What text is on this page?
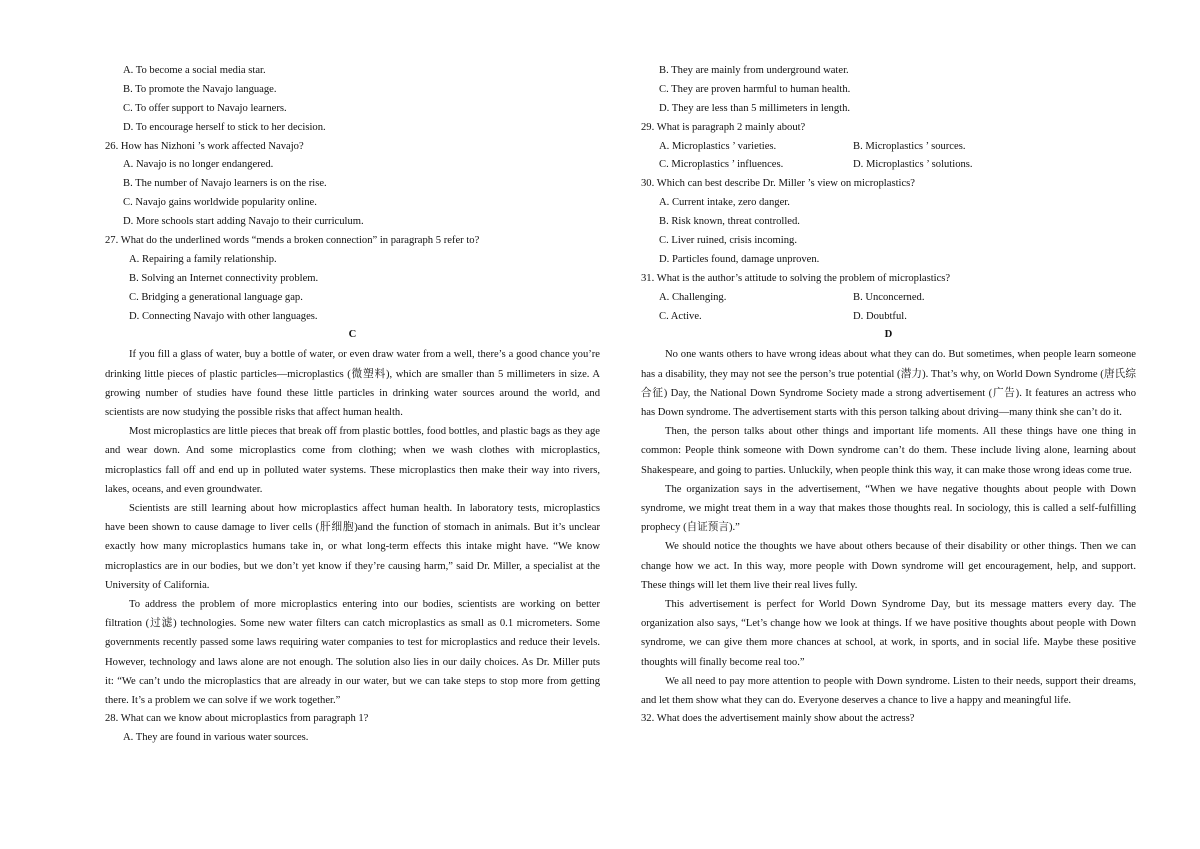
A. To become a social media star.
B. To promote the Navajo language.
C. To offer support to Navajo learners.
D. To encourage herself to stick to her decision.
26. How has Nizhoni ’s work affected Navajo?
A. Navajo is no longer endangered.
B. The number of Navajo learners is on the rise.
C. Navajo gains worldwide popularity online.
D. More schools start adding Navajo to their curriculum.
27. What do the underlined words “mends a broken connection” in paragraph 5 refer to?
A. Repairing a family relationship.
B. Solving an Internet connectivity problem.
C. Bridging a generational language gap.
D. Connecting Navajo with other languages.
C

If you fill a glass of water, buy a bottle of water, or even draw water from a well, there’s a good chance you’re drinking little pieces of plastic particles—microplastics (微塑料), which are smaller than 5 millimeters in size. A growing number of studies have found these little particles in drinking water sources around the world, and scientists are now studying the possible risks that affect human health.

Most microplastics are little pieces that break off from plastic bottles, food bottles, and plastic bags as they age and wear down. And some microplastics come from clothing; when we wash clothes with microplastics, microplastics fall off and end up in polluted water systems. These microplastics then make their way into rivers, lakes, oceans, and even groundwater.

Scientists are still learning about how microplastics affect human health. In laboratory tests, microplastics have been shown to cause damage to liver cells (肝细胞)and the function of stomach in animals. But it’s unclear exactly how many microplastics humans take in, or what long-term effects this intake might have. “We know microplastics are in our bodies, but we don’t yet know if they’re causing harm,” said Dr. Miller, a specialist at the University of California.

To address the problem of more microplastics entering into our bodies, scientists are working on better filtration (过滤) technologies. Some new water filters can catch microplastics as small as 0.1 micrometers. Some governments recently passed some laws requiring water companies to test for microplastics and reduce their levels. However, technology and laws alone are not enough. The solution also lies in our daily choices. As Dr. Miller puts it: “We can’t undo the microplastics that are already in our water, but we can take steps to stop more from getting there. It’s a problem we can solve if we work together.”

28. What can we know about microplastics from paragraph 1?
A. They are found in various water sources.
B. They are mainly from underground water.
C. They are proven harmful to human health.
D. They are less than 5 millimeters in length.
29. What is paragraph 2 mainly about?
A. Microplastics ’ varieties.	B. Microplastics ’ sources.
C. Microplastics ’ influences.	D. Microplastics ’ solutions.
30. Which can best describe Dr. Miller ’s view on microplastics?
A. Current intake, zero danger.
B. Risk known, threat controlled.
C. Liver ruined, crisis incoming.
D. Particles found, damage unproven.
31. What is the author’s attitude to solving the problem of microplastics?
A. Challenging.	B. Unconcerned.
C. Active.	D. Doubtful.
D

No one wants others to have wrong ideas about what they can do. But sometimes, when people learn someone has a disability, they may not see the person’s true potential (潜力). That’s why, on World Down Syndrome (唐氏综合征) Day, the National Down Syndrome Society made a strong advertisement (广告). It features an actress who has Down syndrome. The advertisement starts with this person talking about driving—many think she can’t do it.

Then, the person talks about other things and important life moments. All these things have one thing in common: People think someone with Down syndrome can’t do them. These include living alone, learning about Shakespeare, and going to parties. Unluckily, when people think this way, it can make those wrong ideas come true.

The organization says in the advertisement, “When we have negative thoughts about people with Down syndrome, we might treat them in a way that makes those thoughts real. In sociology, this is called a self-fulfilling prophecy (自证预言).”

We should notice the thoughts we have about others because of their disability or other things. Then we can change how we act. In this way, more people with Down syndrome will get encouragement, help, and support. These things will let them live their real lives fully.

This advertisement is perfect for World Down Syndrome Day, but its message matters every day. The organization also says, “Let’s change how we look at things. If we have positive thoughts about people with Down syndrome, we can give them more chances at school, at work, in sports, and in social life. Maybe these positive thoughts will finally become real too.”

We all need to pay more attention to people with Down syndrome. Listen to their needs, support their dreams, and let them show what they can do. Everyone deserves a chance to live a happy and meaningful life.

32. What does the advertisement mainly show about the actress?
